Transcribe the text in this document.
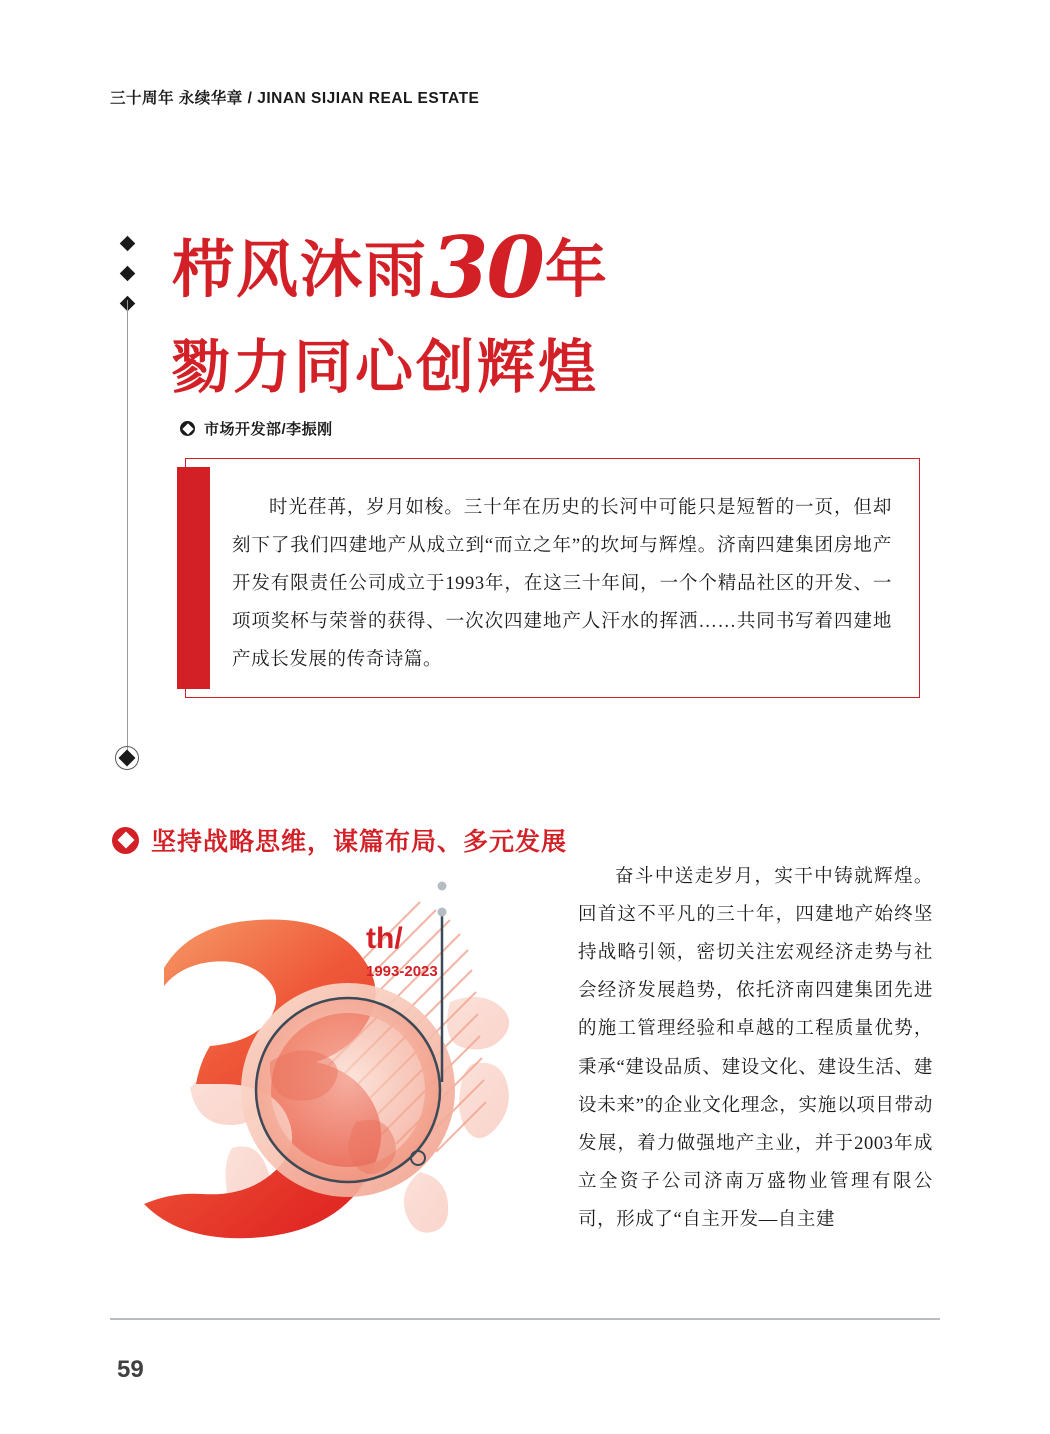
三十周年 永续华章 / JINAN SIJIAN REAL ESTATE
栉风沐雨30年
勠力同心创辉煌
市场开发部/李振刚
时光荏苒，岁月如梭。三十年在历史的长河中可能只是短暂的一页，但却刻下了我们四建地产从成立到“而立之年”的坎坷与辉煌。济南四建集团房地产开发有限责任公司成立于1993年，在这三十年间，一个个精品社区的开发、一项项奖杯与荣誉的获得、一次次四建地产人汗水的挥洒……共同书写着四建地产成长发展的传奇诗篇。
坚持战略思维，谋篇布局、多元发展
th/
1993-2023
奋斗中送走岁月，实干中铸就辉煌。回首这不平凡的三十年，四建地产始终坚持战略引领，密切关注宏观经济走势与社会经济发展趋势，依托济南四建集团先进的施工管理经验和卓越的工程质量优势，秉承“建设品质、建设文化、建设生活、建设未来”的企业文化理念，实施以项目带动发展，着力做强地产主业，并于2003年成立全资子公司济南万盛物业管理有限公司，形成了“自主开发—自主建
59
